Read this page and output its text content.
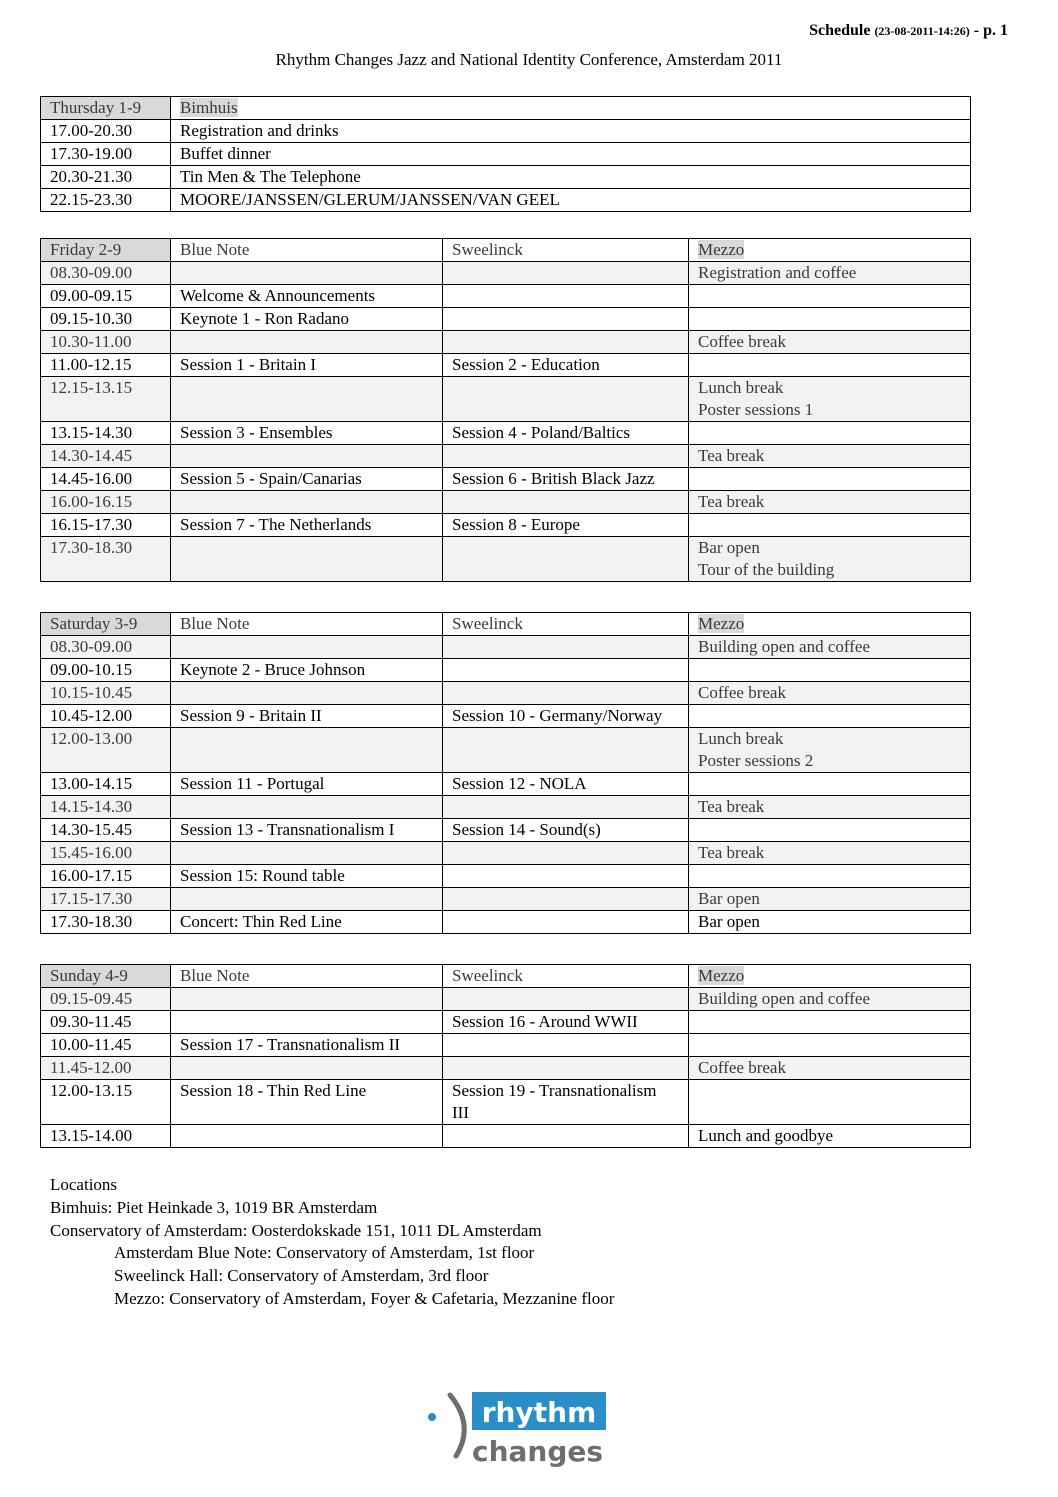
Schedule (23-08-2011-14:26) - p. 1
Rhythm Changes Jazz and National Identity Conference, Amsterdam 2011
Thursday 1-9	Bimhuis
17.00-20.30	Registration and drinks
17.30-19.00	Buffet dinner
20.30-21.30	Tin Men & The Telephone
22.15-23.30	MOORE/JANSSEN/GLERUM/JANSSEN/VAN GEEL
Friday 2-9	Blue Note	Sweelinck	Mezzo
08.30-09.00			Registration and coffee
09.00-09.15	Welcome & Announcements		
09.15-10.30	Keynote 1 - Ron Radano		
10.30-11.00			Coffee break
11.00-12.15	Session 1 - Britain I	Session 2 - Education	
12.15-13.15			Lunch break
Poster sessions 1

13.15-14.30	Session 3 - Ensembles	Session 4 - Poland/Baltics	
14.30-14.45			Tea break
14.45-16.00	Session 5 - Spain/Canarias	Session 6 - British Black Jazz	
16.00-16.15			Tea break
16.15-17.30	Session 7 - The Netherlands	Session 8 - Europe	
17.30-18.30			Bar open
Tour of the building
Saturday 3-9	Blue Note	Sweelinck	Mezzo
08.30-09.00			Building open and coffee
09.00-10.15	Keynote 2 - Bruce Johnson		
10.15-10.45			Coffee break
10.45-12.00	Session 9 - Britain II	Session 10 - Germany/Norway	
12.00-13.00			Lunch break
Poster sessions 2

13.00-14.15	Session 11 - Portugal	Session 12 - NOLA	
14.15-14.30			Tea break
14.30-15.45	Session 13 - Transnationalism I	Session 14 - Sound(s)	
15.45-16.00			Tea break
16.00-17.15	Session 15: Round table		
17.15-17.30			Bar open
17.30-18.30	Concert: Thin Red Line		Bar open
Sunday 4-9	Blue Note	Sweelinck	Mezzo
09.15-09.45			Building open and coffee
09.30-11.45		Session 16 - Around WWII	
10.00-11.45	Session 17 - Transnationalism II		
11.45-12.00			Coffee break
12.00-13.15	Session 18 - Thin Red Line	Session 19 - Transnationalism
III	

13.15-14.00			Lunch and goodbye
Locations
Bimhuis: Piet Heinkade 3, 1019 BR Amsterdam
Conservatory of Amsterdam: Oosterdokskade 151, 1011 DL Amsterdam
Amsterdam Blue Note: Conservatory of Amsterdam, 1st floor
Sweelinck Hall: Conservatory of Amsterdam, 3rd floor
Mezzo: Conservatory of Amsterdam, Foyer & Cafetaria, Mezzanine floor
rhythm
changes
